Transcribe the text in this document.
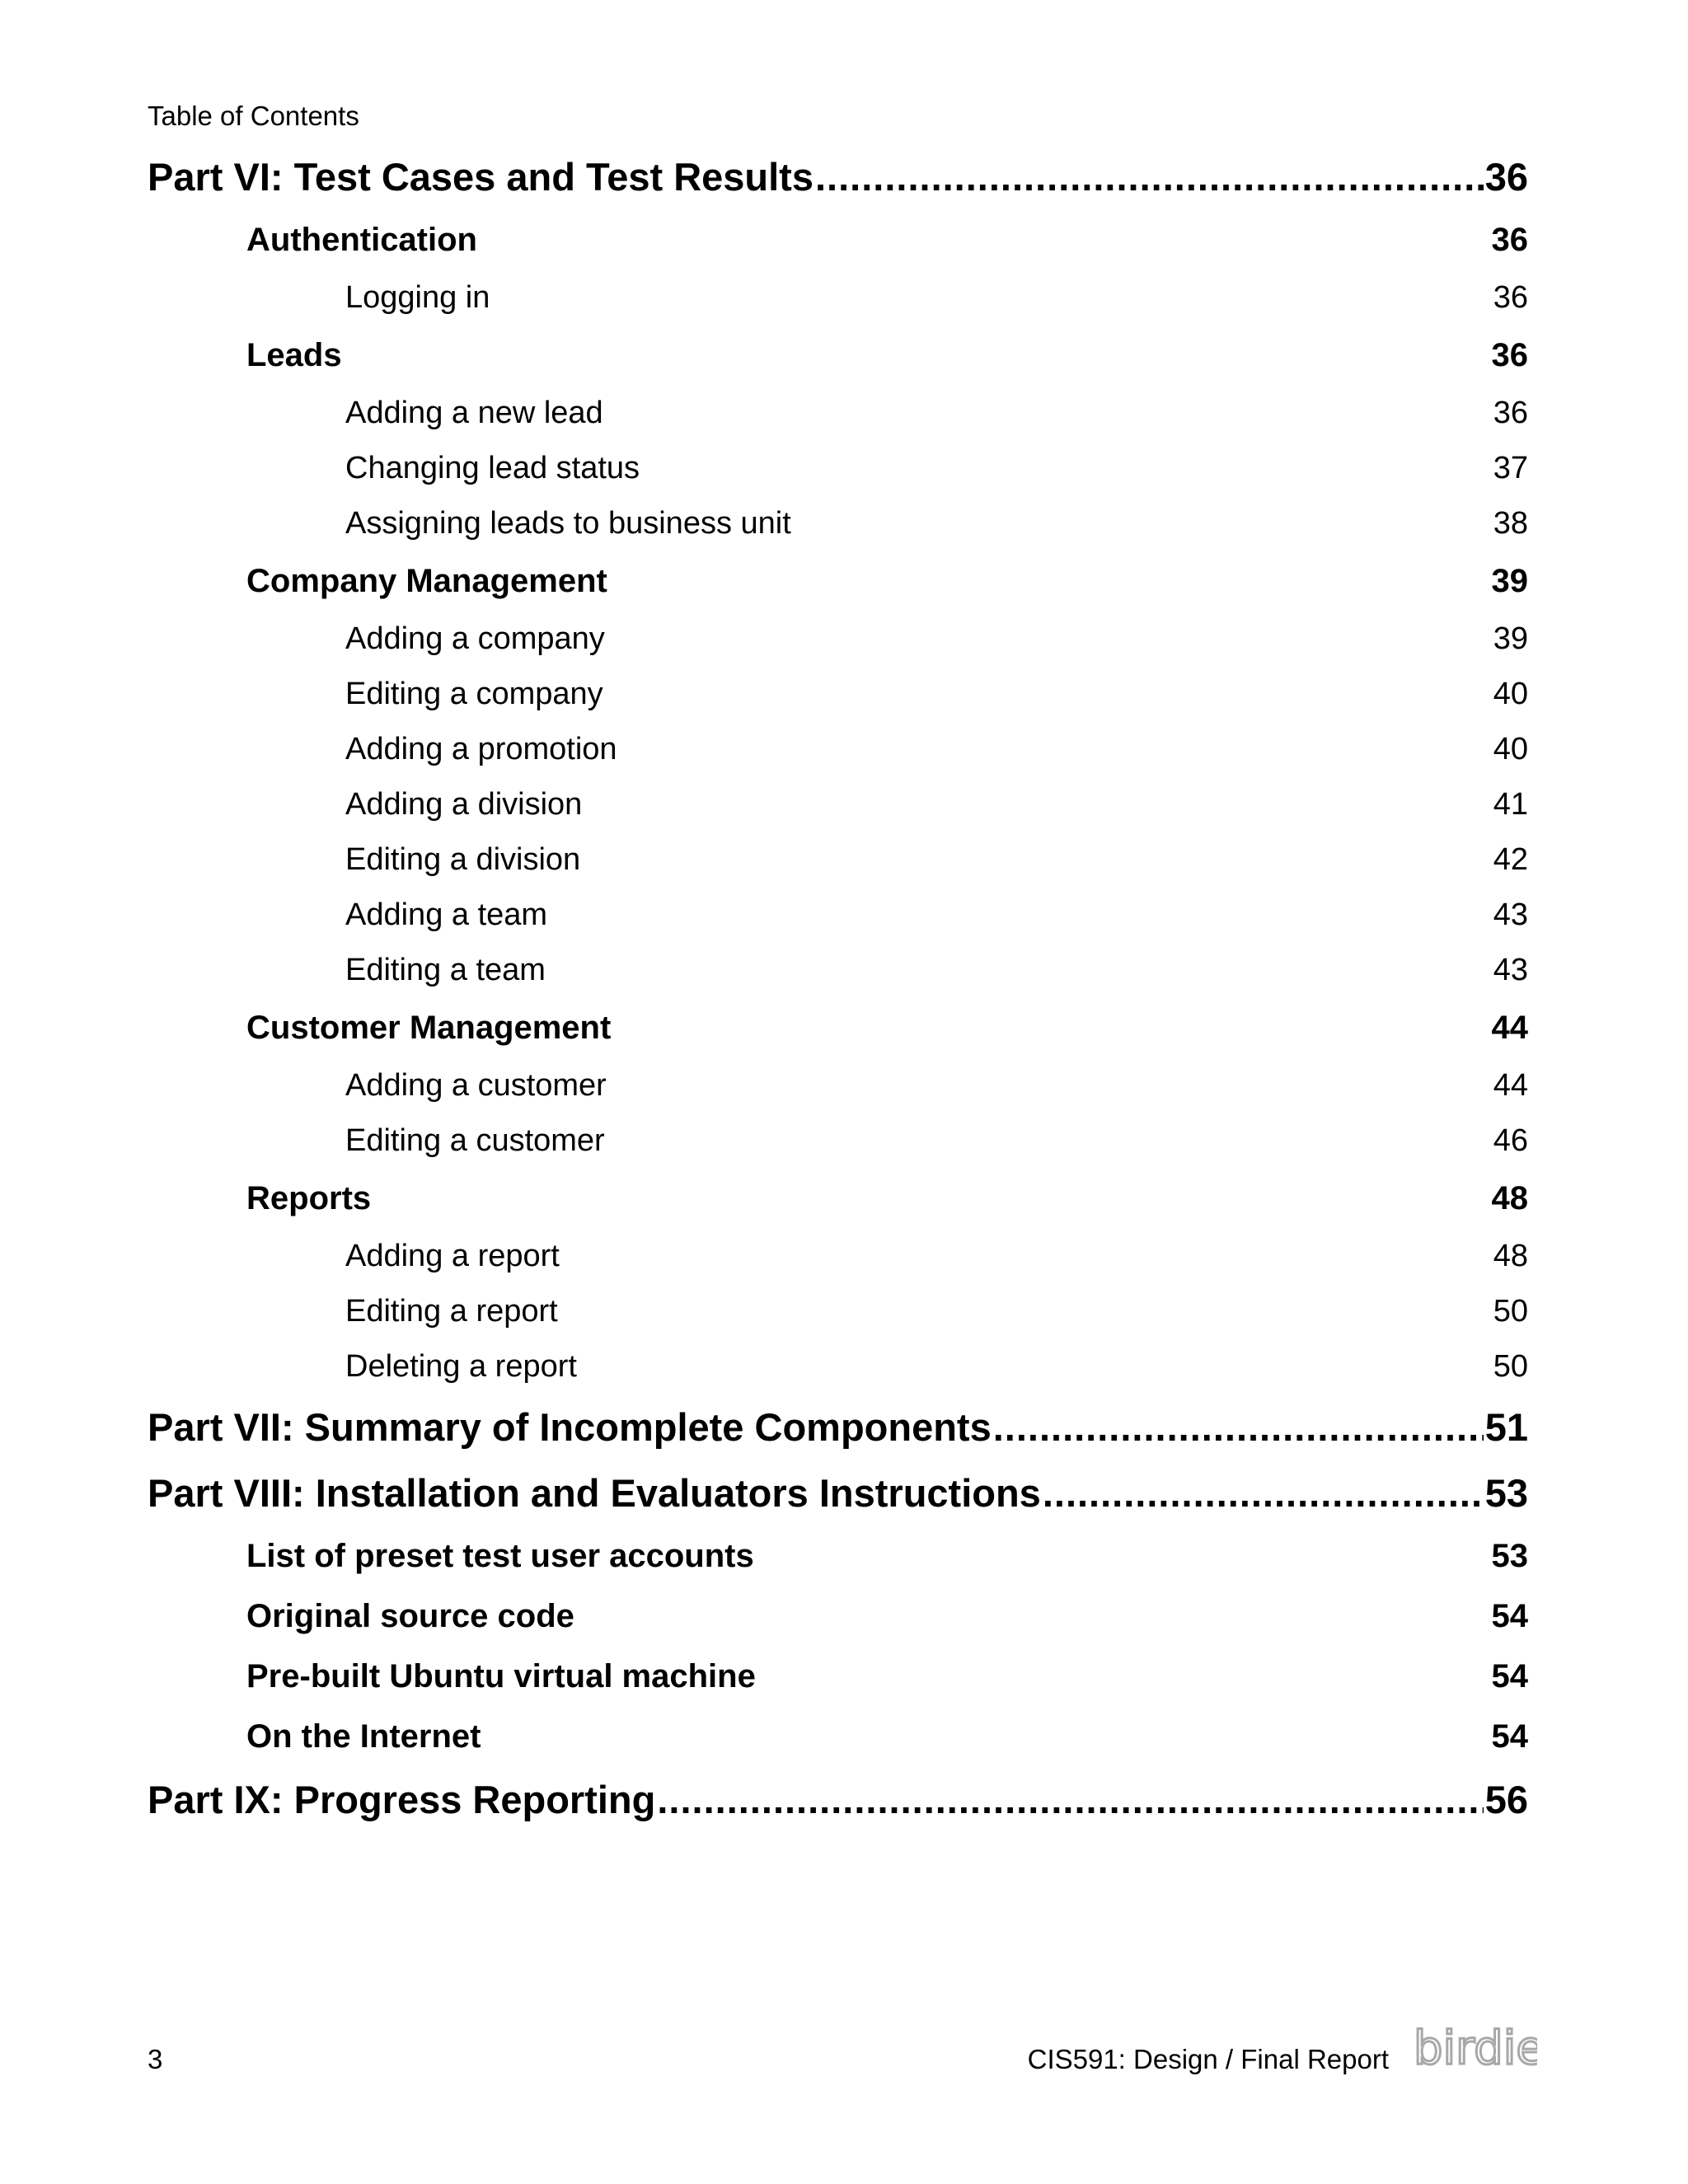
Table of Contents
Part VI: Test Cases and Test Results .....	36
Authentication	36
Logging in	36
Leads	36
Adding a new lead	36
Changing lead status	37
Assigning leads to business unit	38
Company Management	39
Adding a company	39
Editing a company	40
Adding a promotion	40
Adding a division	41
Editing a division	42
Adding a team	43
Editing a team	43
Customer Management	44
Adding a customer	44
Editing a customer	46
Reports	48
Adding a report	48
Editing a report	50
Deleting a report	50
Part VII: Summary of Incomplete Components .....	51
Part VIII: Installation and Evaluators Instructions .....	53
List of preset test user accounts	53
Original source code	54
Pre-built Ubuntu virtual machine	54
On the Internet	54
Part IX: Progress Reporting .....	56
3	CIS591: Design / Final Report birdie
